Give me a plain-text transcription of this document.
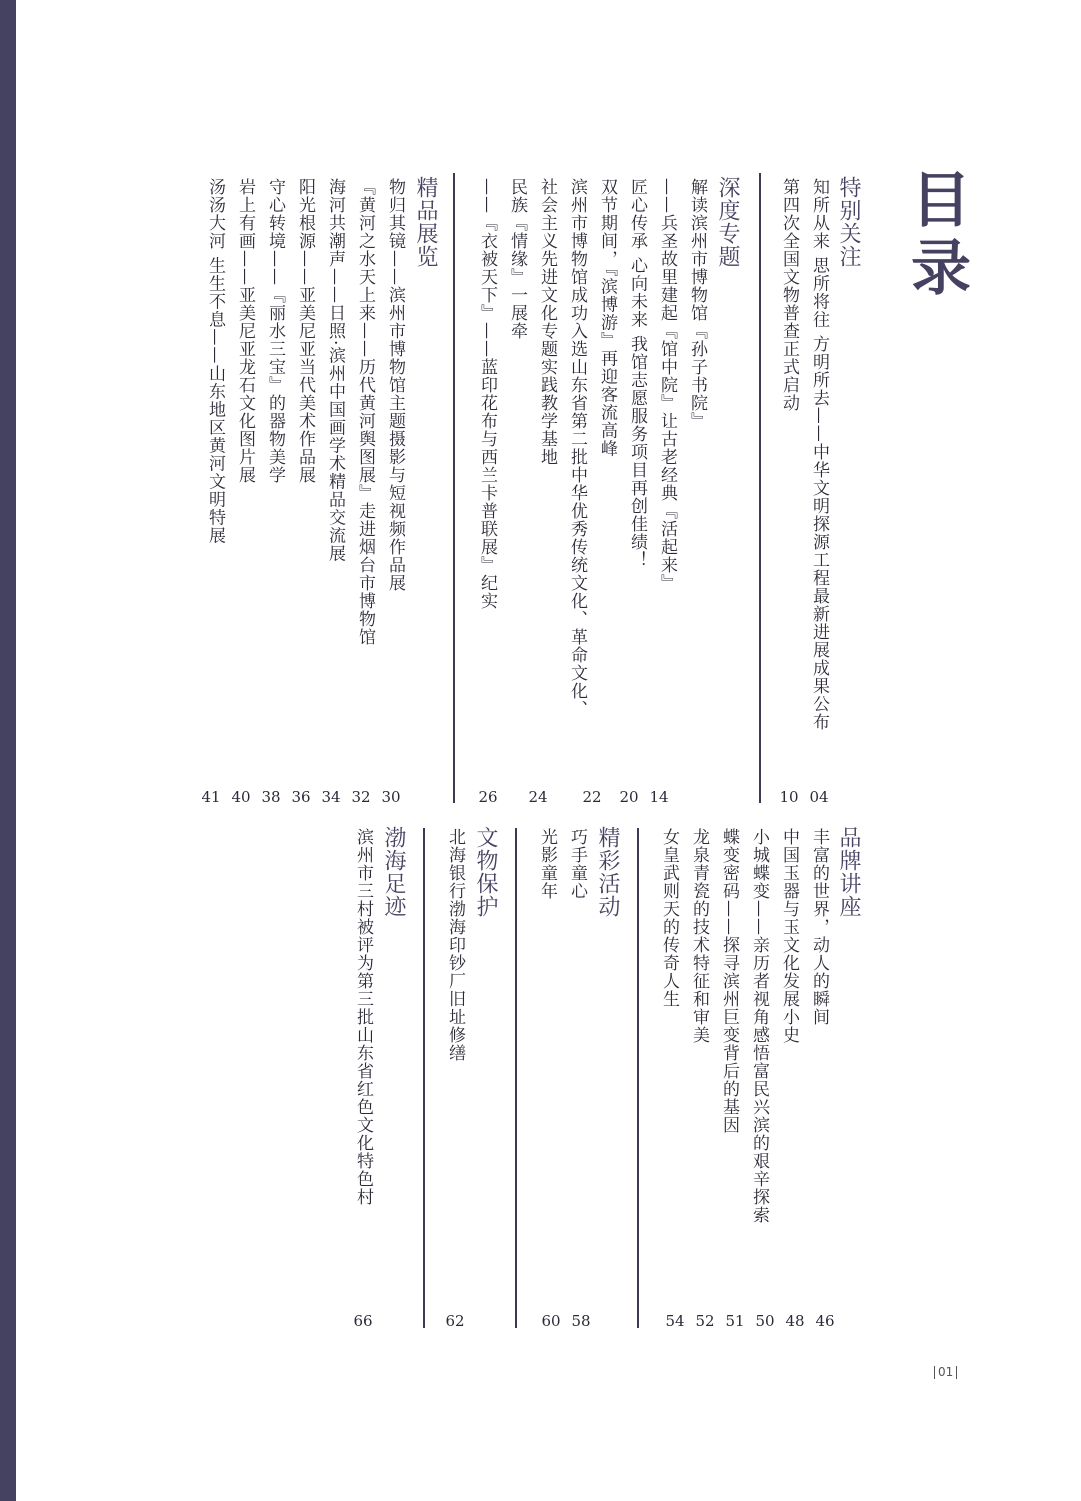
目录
特别关注
知所从来 思所将往 方明所去——中华文明探源工程最新进展成果公布
第四次全国文物普查正式启动
04
10
深度专题
解读滨州市博物馆『孙子书院』
——兵圣故里建起『馆中院』让古老经典『活起来』
匠心传承 心向未来 我馆志愿服务项目再创佳绩！
双节期间，『滨博游』再迎客流高峰
滨州市博物馆成功入选山东省第二批中华优秀传统文化、革命文化、
社会主义先进文化专题实践教学基地
民族『情缘』一展牵
——『衣被天下』——蓝印花布与西兰卡普联展』纪实
14
20
22
24
26
精品展览
物归其镜——滨州市博物馆主题摄影与短视频作品展
『黄河之水天上来——历代黄河舆图展』走进烟台市博物馆
海河共潮声——日照·滨州中国画学术精品交流展
阳光根源——亚美尼亚当代美术作品展
守心转境——『丽水三宝』的器物美学
岩上有画——亚美尼亚龙石文化图片展
汤汤大河 生生不息——山东地区黄河文明特展
30
32
34
36
38
40
41
品牌讲座
丰富的世界，动人的瞬间
中国玉器与玉文化发展小史
小城蝶变——亲历者视角感悟富民兴滨的艰辛探索
蝶变密码——探寻滨州巨变背后的基因
龙泉青瓷的技术特征和审美
女皇武则天的传奇人生
46
48
50
51
52
54
精彩活动
巧手童心
光影童年
58
60
文物保护
北海银行渤海印钞厂旧址修缮
62
渤海足迹
滨州市三村被评为第三批山东省红色文化特色村
66
01
